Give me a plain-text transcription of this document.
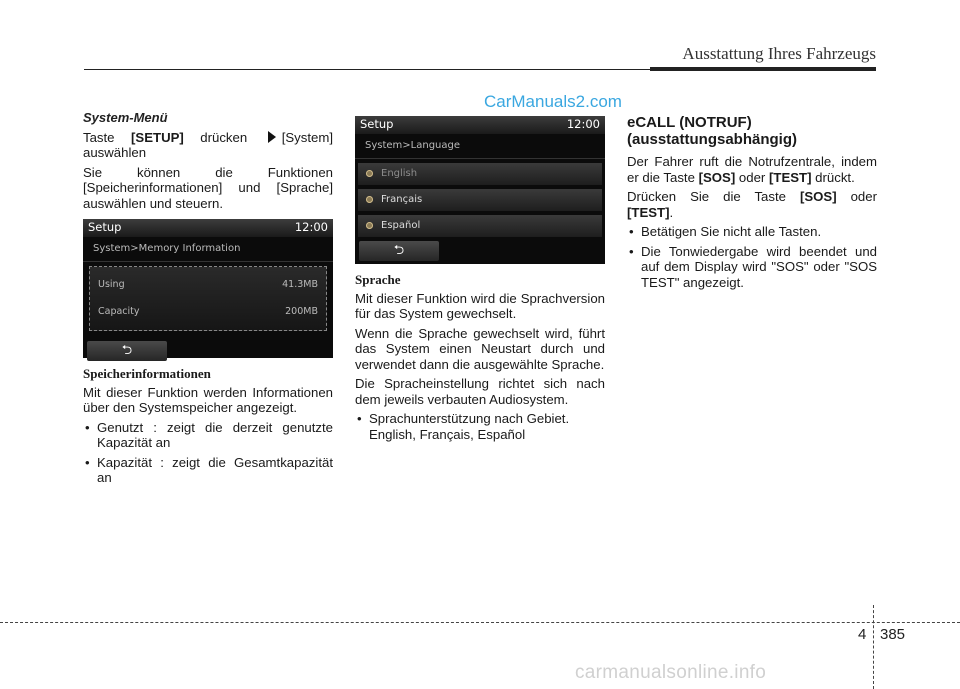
Ausstattung Ihres Fahrzeugs
CarManuals2.com
System-Menü

Taste [SETUP] drücken	[System] auswählen

Sie können die Funktionen [Speicherinformationen] und [Sprache] auswählen und steuern.

Setup	12:00
System>Memory Information
Using	41.3MB
Capacity	200MB
⮌
Speicherinformationen

Mit dieser Funktion werden Informationen über den Systemspeicher angezeigt.

• Genutzt : zeigt die derzeit genutzte Kapazität an
• Kapazität : zeigt die Gesamtkapazität an
Setup	12:00
System>Language
English
Français
Español
⮌
Sprache

Mit dieser Funktion wird die Sprachversion für das System gewechselt.

Wenn die Sprache gewechselt wird, führt das System einen Neustart durch und verwendet dann die ausgewählte Sprache.

Die Spracheinstellung richtet sich nach dem jeweils verbauten Audiosystem.

• Sprachunterstützung nach Gebiet.
English, Français, Español
eCALL (NOTRUF)
(ausstattungsabhängig)

Der Fahrer ruft die Notrufzentrale, indem er die Taste [SOS] oder [TEST] drückt.

Drücken Sie die Taste [SOS] oder

[TEST].

• Betätigen Sie nicht alle Tasten.
• Die Tonwiedergabe wird beendet und auf dem Display wird "SOS" oder "SOS TEST" angezeigt.
4 385
carmanualsonline.info
